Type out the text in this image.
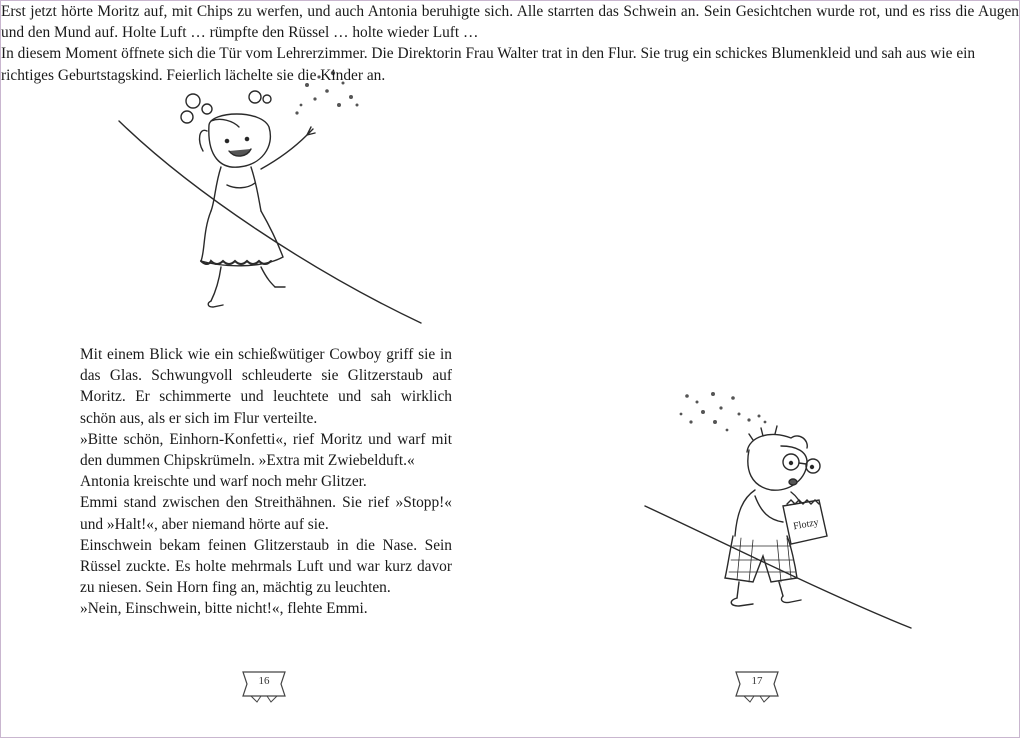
Mit einem Blick wie ein schießwütiger Cowboy griff sie in das Glas. Schwungvoll schleuderte sie Glitzerstaub auf Moritz. Er schimmerte und leuchtete und sah wirklich schön aus, als er sich im Flur verteilte.

»Bitte schön, Einhorn-Konfetti«, rief Moritz und warf mit den dummen Chipskrümeln. »Extra mit Zwiebelduft.«

Antonia kreischte und warf noch mehr Glitzer.

Emmi stand zwischen den Streithähnen. Sie rief »Stopp!« und »Halt!«, aber niemand hörte auf sie.

Einschwein bekam feinen Glitzerstaub in die Nase. Sein Rüssel zuckte. Es holte mehrmals Luft und war kurz davor zu niesen. Sein Horn fing an, mächtig zu leuchten.

»Nein, Einschwein, bitte nicht!«, flehte Emmi.

16	17

Erst jetzt hörte Moritz auf, mit Chips zu werfen, und auch Antonia beruhigte sich. Alle starrten das Schwein an. Sein Gesichtchen wurde rot, und es riss die Augen und den Mund auf. Holte Luft … rümpfte den Rüssel … holte wieder Luft …

In diesem Moment öffnete sich die Tür vom Lehrerzimmer. Die Direktorin Frau Walter trat in den Flur. Sie trug ein schickes Blumenkleid und sah aus wie ein richtiges Geburtstagskind. Feierlich lächelte sie die Kinder an.

Flotzy
